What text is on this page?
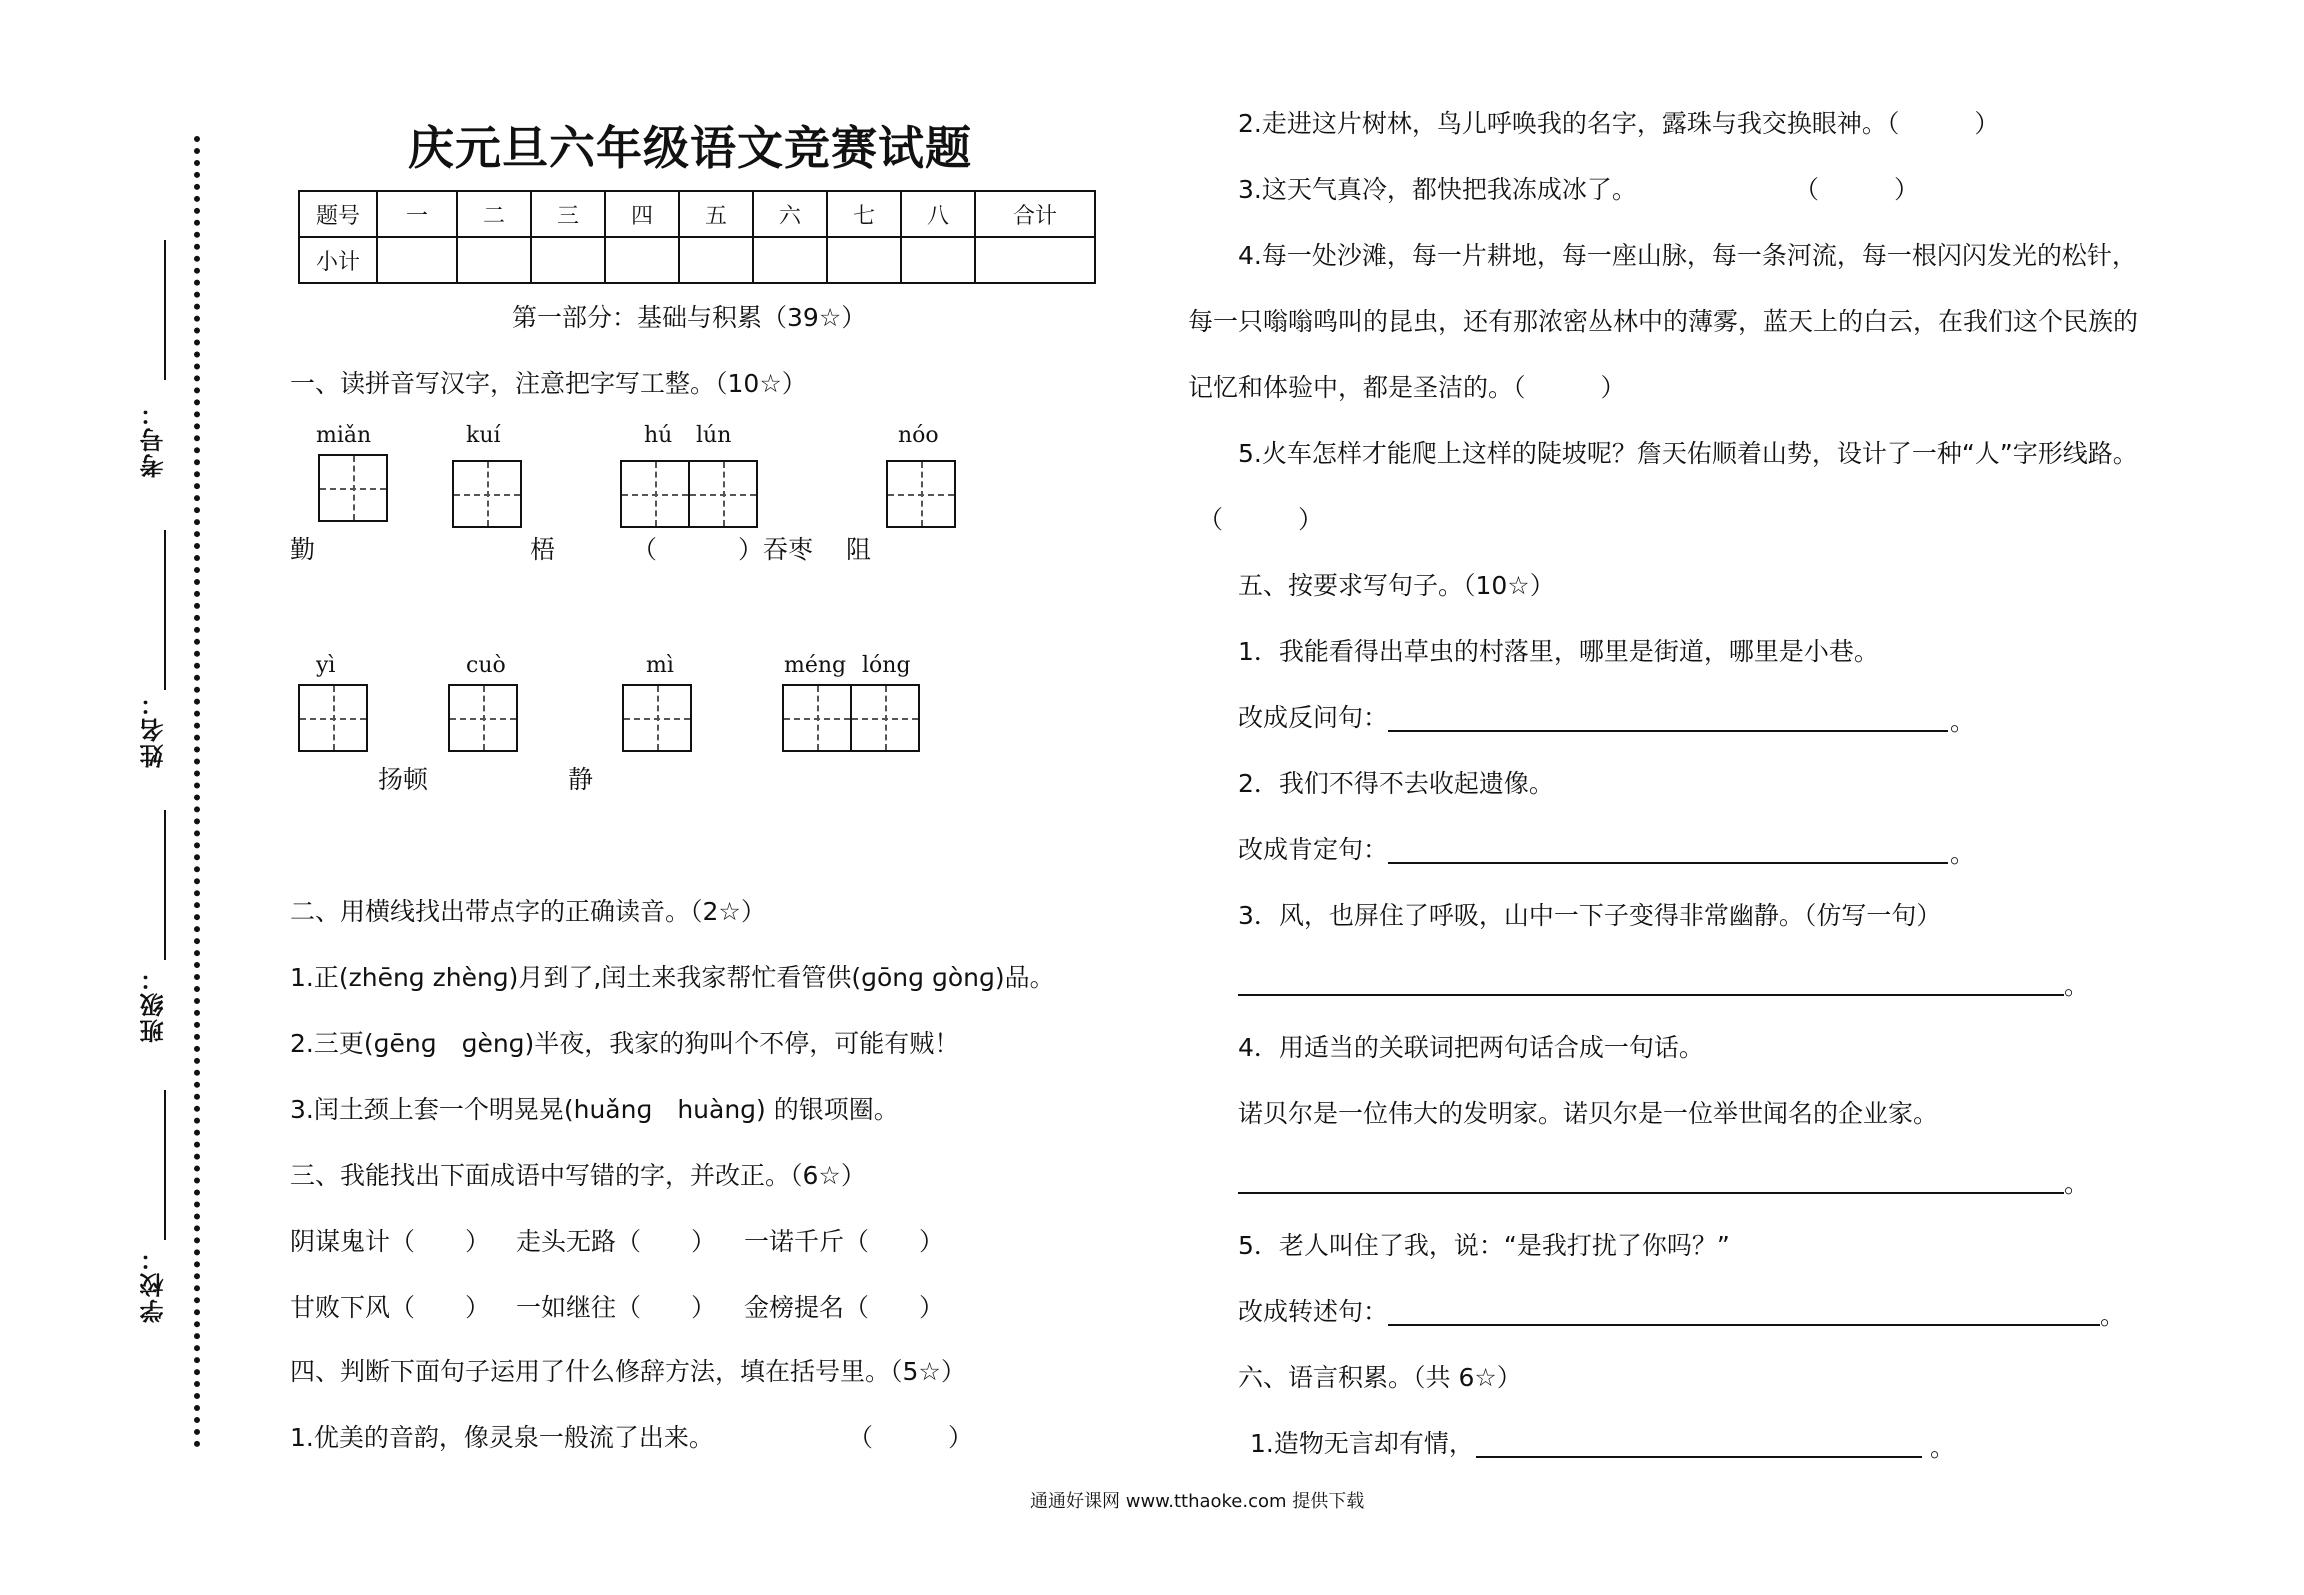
考号：
姓名：
班级：
学校：
庆元旦六年级语文竞赛试题
题号	一	二	三	四	五	六	七	八	合计
小计									
第一部分：基础与积累（39☆）
一、读拼音写汉字，注意把字写工整。（10☆）
miǎn	kuí	hú lún	nóo
勤	梧	（	）吞枣 阻
yì	cuò	mì	méng lóng
扬顿	静
二、用横线找出带点字的正确读音。（2☆）
1.正(zhēnɡ zhènɡ)月到了,闰土来我家帮忙看管供(ɡōnɡ ɡònɡ)品。
2.三更(ɡēnɡ　ɡènɡ)半夜，我家的狗叫个不停，可能有贼！
3.闰土颈上套一个明晃晃(huǎnɡ　huànɡ) 的银项圈。
三、我能找出下面成语中写错的字，并改正。（6☆）
阴谋鬼计（　　） 走头无路（　　） 一诺千斤（　　）
甘败下风（　　） 一如继往（　　） 金榜提名（　　）
四、判断下面句子运用了什么修辞方法，填在括号里。（5☆）
1.优美的音韵，像灵泉一般流了出来。	（　　　）
2.走进这片树林，鸟儿呼唤我的名字，露珠与我交换眼神。（　　　）
3.这天气真冷，都快把我冻成冰了。	（　　　）
4.每一处沙滩，每一片耕地，每一座山脉，每一条河流，每一根闪闪发光的松针，
每一只嗡嗡鸣叫的昆虫，还有那浓密丛林中的薄雾，蓝天上的白云，在我们这个民族的
记忆和体验中，都是圣洁的。（　　　）
5.火车怎样才能爬上这样的陡坡呢？詹天佑顺着山势，设计了一种“人”字形线路。
（　　　）
五、按要求写句子。（10☆）
1．我能看得出草虫的村落里，哪里是街道，哪里是小巷。
改成反问句：	。
2．我们不得不去收起遗像。
改成肯定句：	。
3．风，也屏住了呼吸，山中一下子变得非常幽静。（仿写一句）
。
4．用适当的关联词把两句话合成一句话。
诺贝尔是一位伟大的发明家。诺贝尔是一位举世闻名的企业家。
。
5．老人叫住了我，说：“是我打扰了你吗？”
改成转述句：	。
六、语言积累。（共 6☆）
1.造物无言却有情，	。
通通好课网 www.tthaoke.com 提供下载
